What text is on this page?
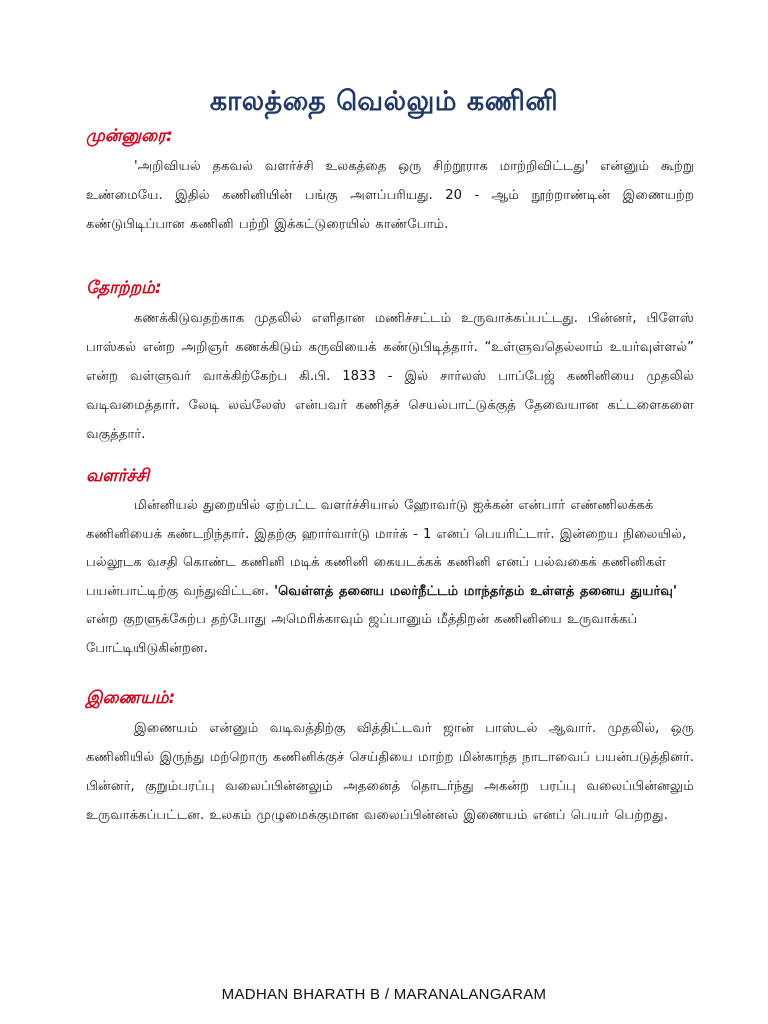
காலத்தை வெல்லும் கணினி
முன்னுரை:

'அறிவியல் தகவல் வளர்ச்சி உலகத்தை ஒரு சிற்றூராக மாற்றிவிட்டது' என்னும் கூற்று உண்மையே. இதில் கணினியின் பங்கு அளப்பரியது. 20 - ஆம் நூற்றாண்டின் இணையற்ற கண்டுபிடிப்பான கணினி பற்றி இக்கட்டுரையில் காண்போம்.

தோற்றம்:

கணக்கிடுவதற்காக முதலில் எளிதான மணிச்சட்டம் உருவாக்கப்பட்டது. பின்னர், பிளேஸ் பாஸ்கல் என்ற அறிஞர் கணக்கிடும் கருவியைக் கண்டுபிடித்தார். “உள்ளுவதெல்லாம் உயர்வுள்ளல்” என்ற வள்ளுவர் வாக்கிற்கேற்ப கி.பி. 1833 - இல் சார்லஸ் பாப்பேஜ் கணினியை முதலில் வடிவமைத்தார். லேடி லவ்லேஸ் என்பவர் கணிதச் செயல்பாட்டுக்குத் தேவையான கட்டளைகளை வகுத்தார்.

வளர்ச்சி

மின்னியல் துறையில் ஏற்பட்ட வளர்ச்சியால் ஹோவர்டு ஐக்கன் என்பார் எண்ணிலக்கக் கணினியைக் கண்டறிந்தார். இதற்கு ஹார்வார்டு மார்க் - 1 எனப் பெயரிட்டார். இன்றைய நிலையில், பல்லூடக வசதி கொண்ட கணினி மடிக் கணினி கையடக்கக் கணினி எனப் பல்வகைக் கணினிகள் பயன்பாட்டிற்கு வந்துவிட்டன. 'வெள்ளத் தனைய மலர்நீட்டம் மாந்தர்தம் உள்ளத் தனைய துயர்வு' என்ற குறளுக்கேற்ப தற்போது அமெரிக்காவும் ஜப்பானும் மீத்திறன் கணினியை உருவாக்கப் போட்டியிடுகின்றன.

இணையம்:

இணையம் என்னும் வடிவத்திற்கு வித்திட்டவர் ஜான் பாஸ்டல் ஆவார். முதலில், ஒரு கணினியில் இருந்து மற்றொரு கணினிக்குச் செய்தியை மாற்ற மின்காந்த நாடாவைப் பயன்படுத்தினர். பின்னர், குறும்பரப்பு வலைப்பின்னலும் அதனைத் தொடர்ந்து அகன்ற பரப்பு வலைப்பின்னலும் உருவாக்கப்பட்டன. உலகம் முழுமைக்குமான வலைப்பின்னல் இணையம் எனப் பெயர் பெற்றது.

MADHAN BHARATH B / MARANALANGARAM
